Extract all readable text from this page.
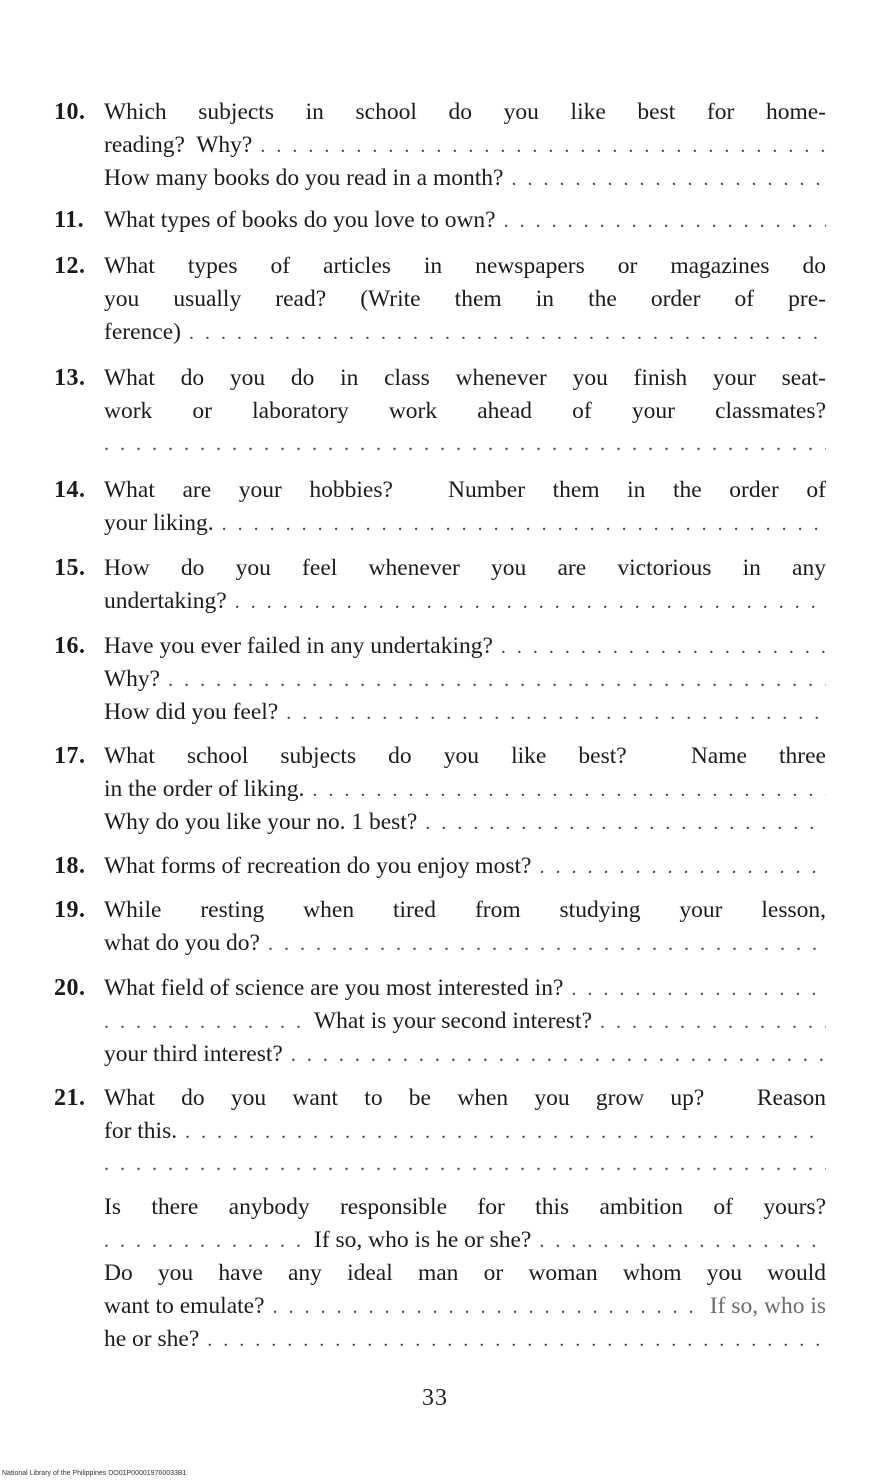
10. Which subjects in school do you like best for home-
reading?  Why?
. . .
How many books do you read in a month?
. . .
11. What types of books do you love to own?
. . .
12. What types of articles in newspapers or magazines do
you usually read? (Write them in the order of pre-
ference)
. . .
13. What do you do in class whenever you finish your seat-
work or laboratory work ahead of your classmates?
. . .
14. What are your hobbies?  Number them in the order of
your liking.
. . .
15. How do you feel whenever you are victorious in any
undertaking?
. . .
16. Have you ever failed in any undertaking?
. . .
Why?
. . .
How did you feel?
. . .
17. What school subjects do you like best?  Name three
in the order of liking.
. . .
Why do you like your no. 1 best?
. . .
18. What forms of recreation do you enjoy most?
. . .
19. While resting when tired from studying your lesson,
what do you do?
. . .
20. What field of science are you most interested in?
. . .
. . .
What is your second interest?
. . .
your third interest?
. . .
21. What do you want to be when you grow up?  Reason
for this.
. . .
. . .
Is there anybody responsible for this ambition of yours?
. . .
If so, who is he or she?
. . .
Do you have any ideal man or woman whom you would
want to emulate?
. . .	If so, who is
he or she?
. . .
33
National Library of the Philippines DO01P000019760033B1
